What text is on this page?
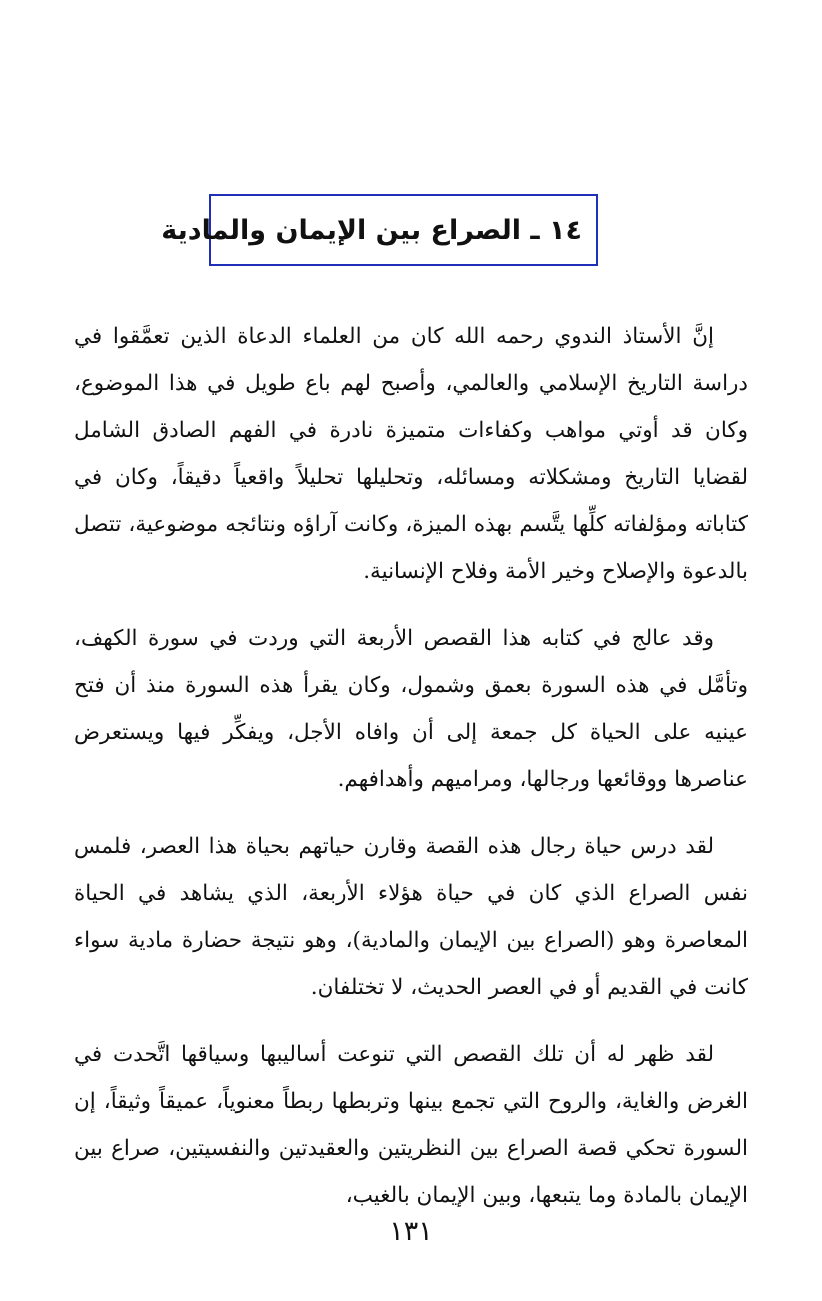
١٤ ـ الصراع بين الإيمان والمادية

إنَّ الأستاذ الندوي رحمه الله كان من العلماء الدعاة الذين تعمَّقوا في دراسة التاريخ الإسلامي والعالمي، وأصبح لهم باع طويل في هذا الموضوع، وكان قد أوتي مواهب وكفاءات متميزة نادرة في الفهم الصادق الشامل لقضايا التاريخ ومشكلاته ومسائله، وتحليلها تحليلاً واقعياً دقيقاً، وكان في كتاباته ومؤلفاته كلِّها يتَّسم بهذه الميزة، وكانت آراؤه ونتائجه موضوعية، تتصل بالدعوة والإصلاح وخير الأمة وفلاح الإنسانية.

وقد عالج في كتابه هذا القصص الأربعة التي وردت في سورة الكهف، وتأمَّل في هذه السورة بعمق وشمول، وكان يقرأ هذه السورة منذ أن فتح عينيه على الحياة كل جمعة إلى أن وافاه الأجل، ويفكِّر فيها ويستعرض عناصرها ووقائعها ورجالها، ومراميهم وأهدافهم.

لقد درس حياة رجال هذه القصة وقارن حياتهم بحياة هذا العصر، فلمس نفس الصراع الذي كان في حياة هؤلاء الأربعة، الذي يشاهد في الحياة المعاصرة وهو (الصراع بين الإيمان والمادية)، وهو نتيجة حضارة مادية سواء كانت في القديم أو في العصر الحديث، لا تختلفان.

لقد ظهر له أن تلك القصص التي تنوعت أساليبها وسياقها اتَّحدت في الغرض والغاية، والروح التي تجمع بينها وتربطها ربطاً معنوياً، عميقاً وثيقاً، إن السورة تحكي قصة الصراع بين النظريتين والعقيدتين والنفسيتين، صراع بين الإيمان بالمادة وما يتبعها، وبين الإيمان بالغيب،

١٣١
